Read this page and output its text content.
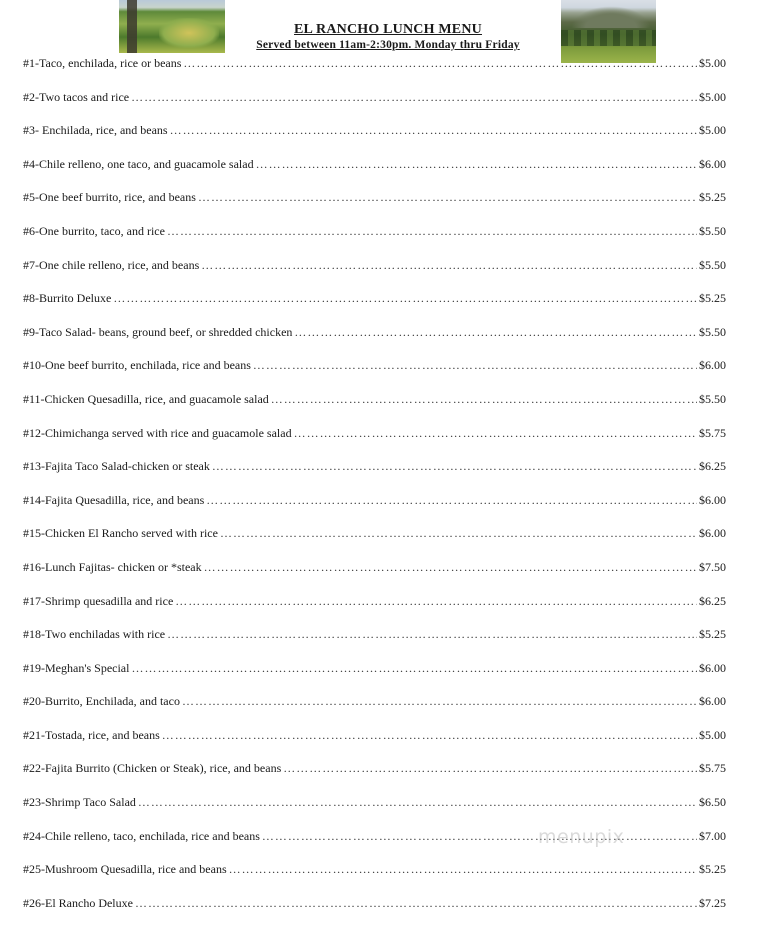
EL RANCHO LUNCH MENU
Served between 11am-2:30pm. Monday thru Friday
#1-Taco, enchilada, rice or beans ……………………………………………………………………………………………………………………………………………………………………	$5.00
#2-Two tacos and rice ……………………………………………………………………………………………………………………………………………………………………	$5.00
#3- Enchilada, rice, and beans ……………………………………………………………………………………………………………………………………………………………………	$5.00
#4-Chile relleno, one taco, and guacamole salad ……………………………………………………………………………………………………………………………………………………………………	$6.00
#5-One beef burrito, rice, and beans ……………………………………………………………………………………………………………………………………………………………………	$5.25
#6-One burrito, taco, and rice ……………………………………………………………………………………………………………………………………………………………………	$5.50
#7-One chile relleno, rice, and beans ……………………………………………………………………………………………………………………………………………………………………	$5.50
#8-Burrito Deluxe ……………………………………………………………………………………………………………………………………………………………………	$5.25
#9-Taco Salad- beans, ground beef, or shredded chicken ……………………………………………………………………………………………………………………………………………………………………	$5.50
#10-One beef burrito, enchilada, rice and beans ……………………………………………………………………………………………………………………………………………………………………	$6.00
#11-Chicken Quesadilla, rice, and guacamole salad ……………………………………………………………………………………………………………………………………………………………………	$5.50
#12-Chimichanga served with rice and guacamole salad ……………………………………………………………………………………………………………………………………………………………………	$5.75
#13-Fajita Taco Salad-chicken or steak ……………………………………………………………………………………………………………………………………………………………………	$6.25
#14-Fajita Quesadilla, rice, and beans ……………………………………………………………………………………………………………………………………………………………………	$6.00
#15-Chicken El Rancho served with rice ……………………………………………………………………………………………………………………………………………………………………	$6.00
#16-Lunch Fajitas- chicken or *steak ……………………………………………………………………………………………………………………………………………………………………	$7.50
#17-Shrimp quesadilla and rice ……………………………………………………………………………………………………………………………………………………………………	$6.25
#18-Two enchiladas with rice ……………………………………………………………………………………………………………………………………………………………………	$5.25
#19-Meghan's Special ……………………………………………………………………………………………………………………………………………………………………	$6.00
#20-Burrito, Enchilada, and taco ……………………………………………………………………………………………………………………………………………………………………	$6.00
#21-Tostada, rice, and beans ……………………………………………………………………………………………………………………………………………………………………	$5.00
#22-Fajita Burrito (Chicken or Steak), rice, and beans ……………………………………………………………………………………………………………………………………………………………………	$5.75
#23-Shrimp Taco Salad ……………………………………………………………………………………………………………………………………………………………………	$6.50
#24-Chile relleno, taco, enchilada, rice and beans ……………………………………………………………………………………………………………………………………………………………………	$7.00
#25-Mushroom Quesadilla, rice and beans ……………………………………………………………………………………………………………………………………………………………………	$5.25
#26-El Rancho Deluxe ……………………………………………………………………………………………………………………………………………………………………	$7.25
menupix
